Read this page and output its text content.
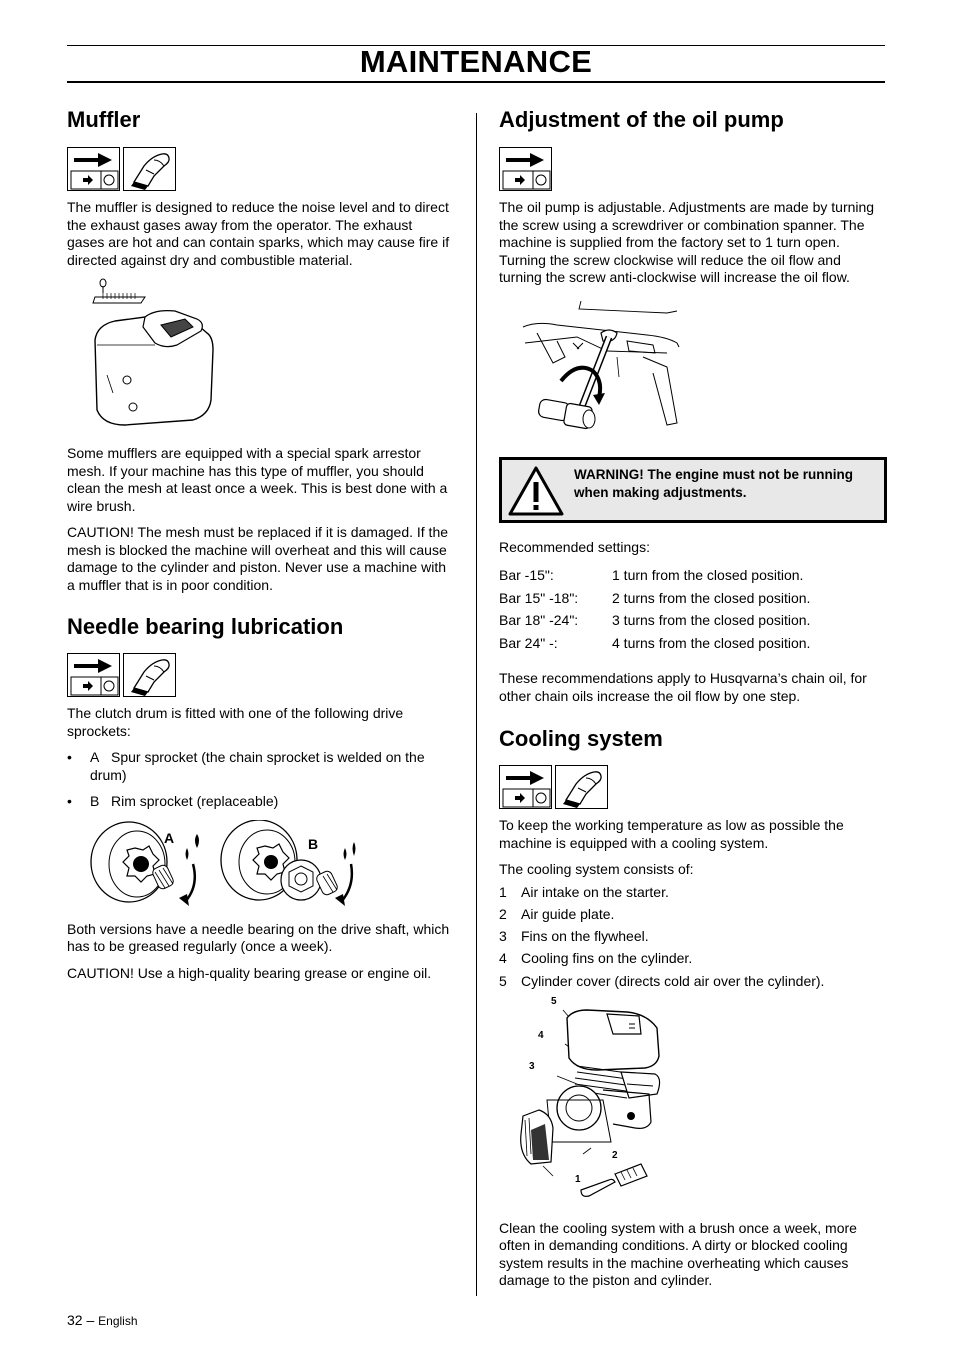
MAINTENANCE
Muffler

The muffler is designed to reduce the noise level and to direct the exhaust gases away from the operator. The exhaust gases are hot and can contain sparks, which may cause fire if directed against dry and combustible material.

Some mufflers are equipped with a special spark arrestor mesh. If your machine has this type of muffler, you should clean the mesh at least once a week. This is best done with a wire brush.

CAUTION! The mesh must be replaced if it is damaged. If the mesh is blocked the machine will overheat and this will cause damage to the cylinder and piston. Never use a machine with a muffler that is in poor condition.

Needle bearing lubrication

The clutch drum is fitted with one of the following drive sprockets:

• A Spur sprocket (the chain sprocket is welded on the drum)
• B Rim sprocket (replaceable)
A	B

Both versions have a needle bearing on the drive shaft, which has to be greased regularly (once a week).

CAUTION! Use a high-quality bearing grease or engine oil.

Adjustment of the oil pump

The oil pump is adjustable. Adjustments are made by turning the screw using a screwdriver or combination spanner. The machine is supplied from the factory set to 1 turn open. Turning the screw clockwise will reduce the oil flow and turning the screw anti-clockwise will increase the oil flow.

WARNING! The engine must not be running when making adjustments.

Recommended settings:

Bar -15":	1 turn from the closed position.
Bar 15" -18":	2 turns from the closed position.
Bar 18" -24":	3 turns from the closed position.
Bar 24" -:	4 turns from the closed position.

These recommendations apply to Husqvarna’s chain oil, for other chain oils increase the oil flow by one step.

Cooling system

To keep the working temperature as low as possible the machine is equipped with a cooling system.

The cooling system consists of:

1 Air intake on the starter.
2 Air guide plate.
3 Fins on the flywheel.
4 Cooling fins on the cylinder.
5 Cylinder cover (directs cold air over the cylinder).
5
4
3
2
1

Clean the cooling system with a brush once a week, more often in demanding conditions. A dirty or blocked cooling system results in the machine overheating which causes damage to the piston and cylinder.

32 – English
